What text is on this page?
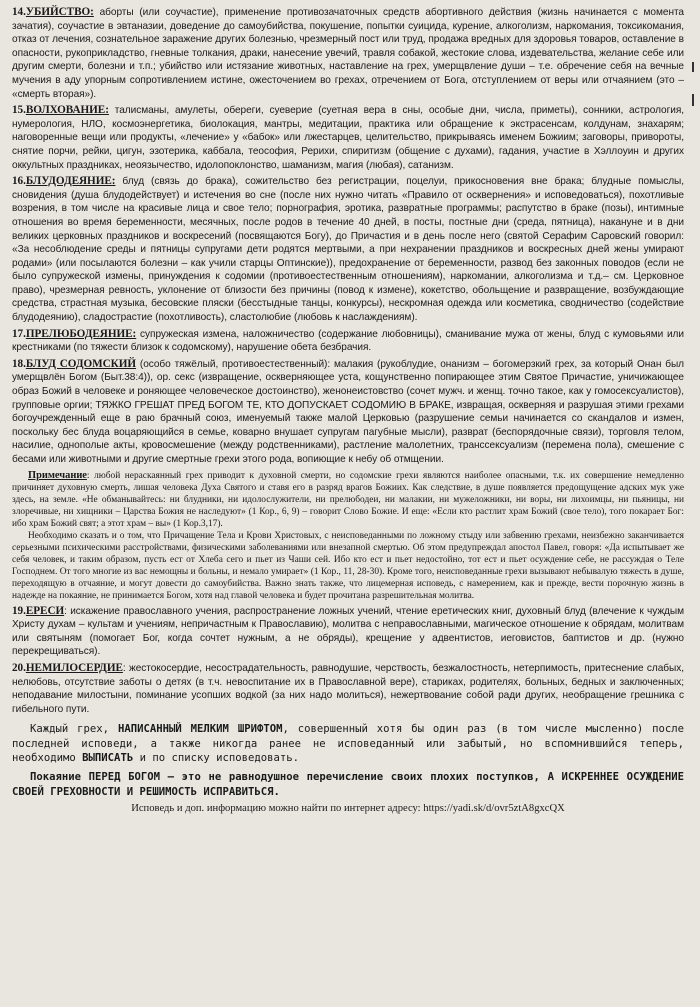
14.УБИЙСТВО: аборты (или соучастие), применение противозачаточных средств абортивного действия (жизнь начинается с момента зачатия), соучастие в эвтаназии, доведение до самоубийства, покушение, попытки суицида, курение, алкоголизм, наркомания, токсикомания, отказ от лечения, сознательное заражение других болезнью, чрезмерный пост или труд, продажа вредных для здоровья товаров, оставление в опасности, рукоприкладство, гневные толкания, драки, нанесение увечий, травля собакой, жестокие слова, издевательства, желание себе или другим смерти, болезни и т.п.; убийство или истязание животных, наставление на грех, умерщвление души – т.е. обречение себя на вечные мучения в аду упорным сопротивлением истине, ожесточением во грехах, отречением от Бога, отступлением от веры или отчаянием (это – «смерть вторая»).

15.ВОЛХОВАНИЕ: талисманы, амулеты, обереги, суеверие (суетная вера в сны, особые дни, числа, приметы), сонники, астрология, нумерология, НЛО, космоэнергетика, биолокация, мантры, медитации, практика или обращение к экстрасенсам, колдунам, знахарям; наговоренные вещи или продукты, «лечение» у «бабок» или лжестарцев, целительство, прикрываясь именем Божиим; заговоры, привороты, снятие порчи, рейки, цигун, эзотерика, каббала, теософия, Рерихи, спиритизм (общение с духами), гадания, участие в Хэллоуин и других оккультных праздниках, неоязычество, идолопоклонство, шаманизм, магия (любая), сатанизм.

16.БЛУДОДЕЯНИЕ: блуд (связь до брака), сожительство без регистрации, поцелуи, прикосновения вне брака; блудные помыслы, сновидения (душа блудодействует) и истечения во сне (после них нужно читать «Правило от осквернения» и исповедоваться), похотливые возрения, в том числе на красивые лица и свое тело; порнография, эротика, развратные программы; распутство в браке (позы), интимные отношения во время беременности, месячных, после родов в течение 40 дней, в посты, постные дни (среда, пятница), накануне и в дни великих церковных праздников и воскресений (посвящаются Богу), до Причастия и в день после него (святой Серафим Саровский говорил: «За несоблюдение среды и пятницы супругами дети родятся мертвыми, а при нехранении праздников и воскресных дней жены умирают родами» (или посылаются болезни – как учили старцы Оптинские)), предохранение от беременности, развод без законных поводов (если не было супружеской измены, принуждения к содомии (противоестественным отношениям), наркомании, алкоголизма и т.д.– см. Церковное право), чрезмерная ревность, уклонение от близости без причины (повод к измене), кокетство, обольщение и развращение, возбуждающие средства, страстная музыка, бесовские пляски (бесстыдные танцы, конкурсы), нескромная одежда или косметика, сводничество (содействие блудодеянию), сладострастие (похотливость), сластолюбие (любовь к наслаждениям).

17.ПРЕЛЮБОДЕЯНИЕ: супружеская измена, наложничество (содержание любовницы), сманивание мужа от жены, блуд с кумовьями или крестниками (по тяжести близок к содомскому), нарушение обета безбрачия.

18.БЛУД СОДОМСКИЙ (особо тяжёлый, противоестественный): малакия (рукоблудие, онанизм – богомерзкий грех, за который Онан был умерщвлён Богом (Быт.38:4)), ор. секс (извращение, оскверняющее уста, кощунственно попирающее этим Святое Причастие, уничижающее образ Божий в человеке и роняющее человеческое достоинство), женонеистовство (сочет мужч. и женщ. точно такое, как у гомосексуалистов), групповые оргии; ТЯЖКО ГРЕШАТ ПРЕД БОГОМ ТЕ, КТО ДОПУСКАЕТ СОДОМИЮ В БРАКЕ, извращая, оскверняя и разрушая этими грехами богоучрежденный еще в раю брачный союз, именуемый также малой Церковью (разрушение семьи начинается со скандалов и измен, поскольку бес блуда воцаряющийся в семье, коварно внушает супругам пагубные мысли), разврат (беспорядочные связи), торговля телом, насилие, однополые акты, кровосмешение (между родственниками), растление малолетних, транссексуализм (перемена пола), смешение с бесами или животными и другие смертные грехи этого рода, вопиющие к небу об отмщении.

Примечание: любой нераскаянный грех приводит к духовной смерти, но содомские грехи являются наиболее опасными, т.к. их совершение немедленно причиняет духовную смерть, лишая человека Духа Святого и ставя его в разряд врагов Божиих. Как следствие, в душе появляется предощущение адских мук уже здесь, на земле. «Не обманывайтесь: ни блудники, ни идолослужители, ни прелюбодеи, ни малакии, ни мужеложники, ни воры, ни лихоимцы, ни пьяницы, ни злоречивые, ни хищники – Царства Божия не наследуют» (1 Кор., 6, 9) – говорит Слово Божие. И еще: «Если кто растлит храм Божий (свое тело), того покарает Бог: ибо храм Божий свят; а этот храм – вы» (1 Кор.3,17).

Необходимо сказать и о том, что Причащение Тела и Крови Христовых, с неисповеданными по ложному стыду или забвению грехами, неизбежно заканчивается серьезными психическими расстройствами, физическими заболеваниями или внезапной смертью. Об этом предупреждал апостол Павел, говоря: «Да испытывает же себя человек, и таким образом, пусть ест от Хлеба сего и пьет из Чаши сей. Ибо кто ест и пьет недостойно, тот ест и пьет осуждение себе, не рассуждая о Теле Господнем. От того многие из вас немощны и больны, и немало умирает» (1 Кор., 11, 28-30). Кроме того, неисповеданные грехи вызывают небывалую тяжесть в душе, переходящую в отчаяние, и могут довести до самоубийства. Важно знать также, что лицемерная исповедь, с намерением, как и прежде, вести порочную жизнь в надежде на покаяние, не принимается Богом, хотя над главой человека и будет прочитана разрешительная молитва.

19.ЕРЕСИ: искажение православного учения, распространение ложных учений, чтение еретических книг, духовный блуд (влечение к чуждым Христу духам – культам и учениям, непричастным к Православию), молитва с неправославными, магическое отношение к обрядам, молитвам или святыням (помогает Бог, когда сочтет нужным, а не обряды), крещение у адвентистов, иеговистов, баптистов и др. (нужно перекрещиваться).

20.НЕМИЛОСЕРДИЕ: жестокосердие, несострадательность, равнодушие, черствость, безжалостность, нетерпимость, притеснение слабых, нелюбовь, отсутствие заботы о детях (в т.ч. невоспитание их в Православной вере), стариках, родителях, больных, бедных и заключенных; неподавание милостыни, поминание усопших водкой (за них надо молиться), нежертвование собой ради других, необращение грешника с гибельного пути.

Каждый грех, НАПИСАННЫЙ МЕЛКИМ ШРИФТОМ, совершенный хотя бы один раз (в том числе мысленно) после последней исповеди, а также никогда ранее не исповеданный или забытый, но вспомнившийся теперь, необходимо ВЫПИСАТЬ и по списку исповедовать.

Покаяние ПЕРЕД БОГОМ – это не равнодушное перечисление своих плохих поступков, А ИСКРЕННЕЕ ОСУЖДЕНИЕ СВОЕЙ ГРЕХОВНОСТИ И РЕШИМОСТЬ ИСПРАВИТЬСЯ.

Исповедь и доп. информацию можно найти по интернет адресу: https://yadi.sk/d/ovr5ztA8gxcQX
